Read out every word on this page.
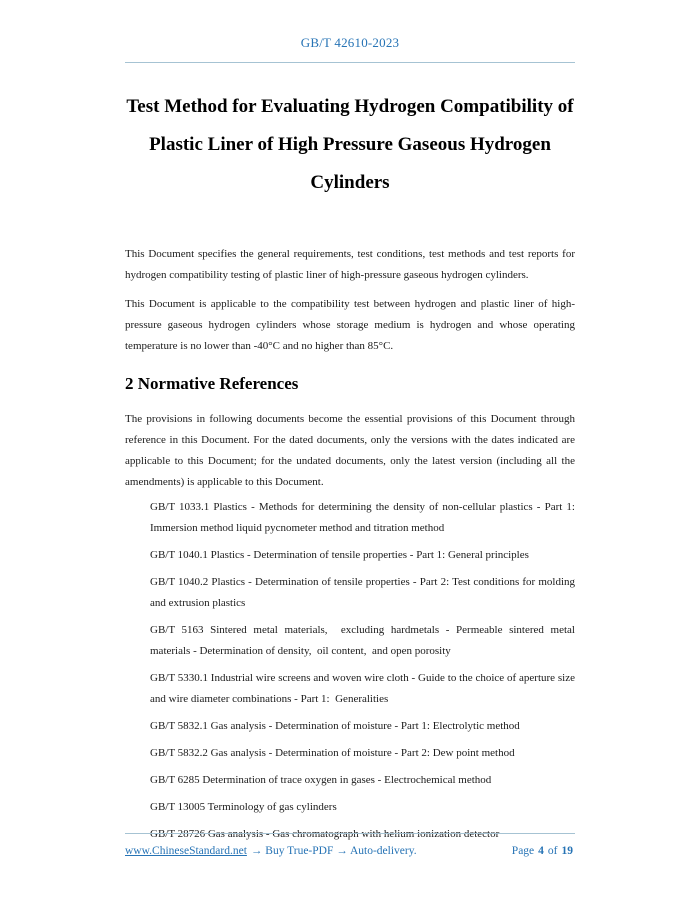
GB/T 42610-2023
Test Method for Evaluating Hydrogen Compatibility of
Plastic Liner of High Pressure Gaseous Hydrogen Cylinders

This Document specifies the general requirements, test conditions, test methods and test reports for hydrogen compatibility testing of plastic liner of high-pressure gaseous hydrogen cylinders.

This Document is applicable to the compatibility test between hydrogen and plastic liner of high-pressure gaseous hydrogen cylinders whose storage medium is hydrogen and whose operating temperature is no lower than -40°C and no higher than 85°C.

2 Normative References

The provisions in following documents become the essential provisions of this Document through reference in this Document. For the dated documents, only the versions with the dates indicated are applicable to this Document; for the undated documents, only the latest version (including all the amendments) is applicable to this Document.

GB/T 1033.1 Plastics - Methods for determining the density of non-cellular plastics - Part 1: Immersion method liquid pycnometer method and titration method

GB/T 1040.1 Plastics - Determination of tensile properties - Part 1: General principles

GB/T 1040.2 Plastics - Determination of tensile properties - Part 2: Test conditions for molding and extrusion plastics

GB/T 5163 Sintered metal materials,  excluding hardmetals - Permeable sintered metal materials - Determination of density,  oil content,  and open porosity

GB/T 5330.1 Industrial wire screens and woven wire cloth - Guide to the choice of aperture size and wire diameter combinations - Part 1:  Generalities

GB/T 5832.1 Gas analysis - Determination of moisture - Part 1: Electrolytic method

GB/T 5832.2 Gas analysis - Determination of moisture - Part 2: Dew point method

GB/T 6285 Determination of trace oxygen in gases - Electrochemical method

GB/T 13005 Terminology of gas cylinders

GB/T 28726 Gas analysis - Gas chromatograph with helium ionization detector

www.ChineseStandard.net → Buy True-PDF → Auto-delivery.	Page 4 of 19
